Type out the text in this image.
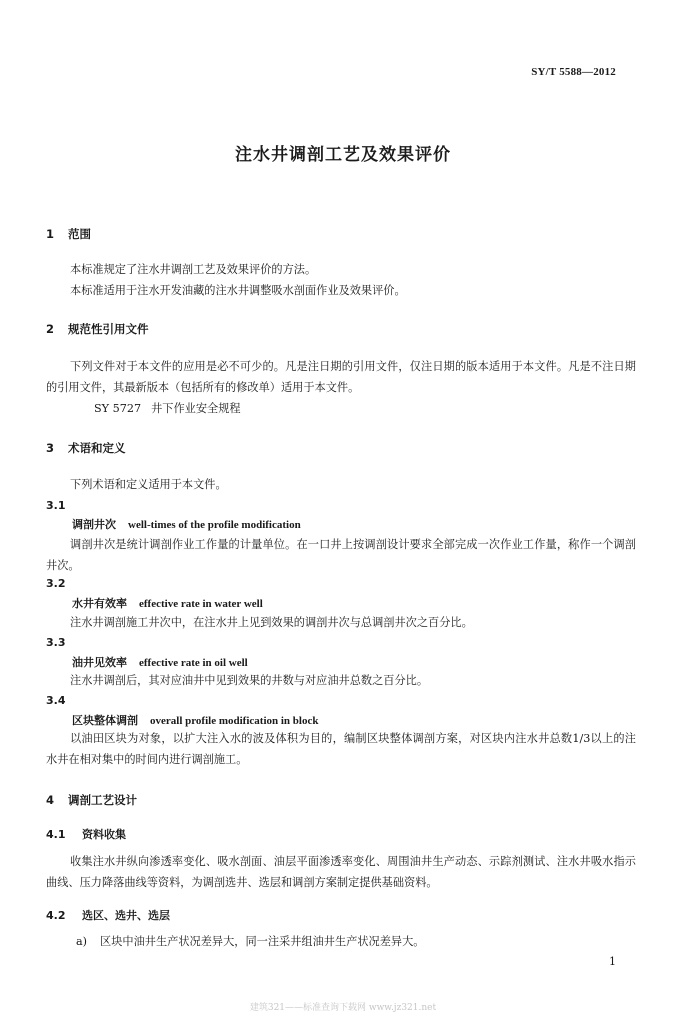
SY/T 5588—2012
注水井调剖工艺及效果评价
1 范围
本标准规定了注水井调剖工艺及效果评价的方法。
本标准适用于注水开发油藏的注水井调整吸水剖面作业及效果评价。
2 规范性引用文件
下列文件对于本文件的应用是必不可少的。凡是注日期的引用文件，仅注日期的版本适用于本文件。凡是不注日期的引用文件，其最新版本（包括所有的修改单）适用于本文件。
SY 5727 井下作业安全规程
3 术语和定义
下列术语和定义适用于本文件。
3.1
调剖井次 well-times of the profile modification
调剖井次是统计调剖作业工作量的计量单位。在一口井上按调剖设计要求全部完成一次作业工作量，称作一个调剖井次。
3.2
水井有效率 effective rate in water well
注水井调剖施工井次中，在注水井上见到效果的调剖井次与总调剖井次之百分比。
3.3
油井见效率 effective rate in oil well
注水井调剖后，其对应油井中见到效果的井数与对应油井总数之百分比。
3.4
区块整体调剖 overall profile modification in block
以油田区块为对象，以扩大注入水的波及体积为目的，编制区块整体调剖方案，对区块内注水井总数1/3以上的注水井在相对集中的时间内进行调剖施工。
4 调剖工艺设计
4.1 资料收集
收集注水井纵向渗透率变化、吸水剖面、油层平面渗透率变化、周围油井生产动态、示踪剂测试、注水井吸水指示曲线、压力降落曲线等资料，为调剖选井、选层和调剖方案制定提供基础资料。
4.2 选区、选井、选层
a) 区块中油井生产状况差异大，同一注采井组油井生产状况差异大。
1
建筑321——标准查询下载网 www.jz321.net
